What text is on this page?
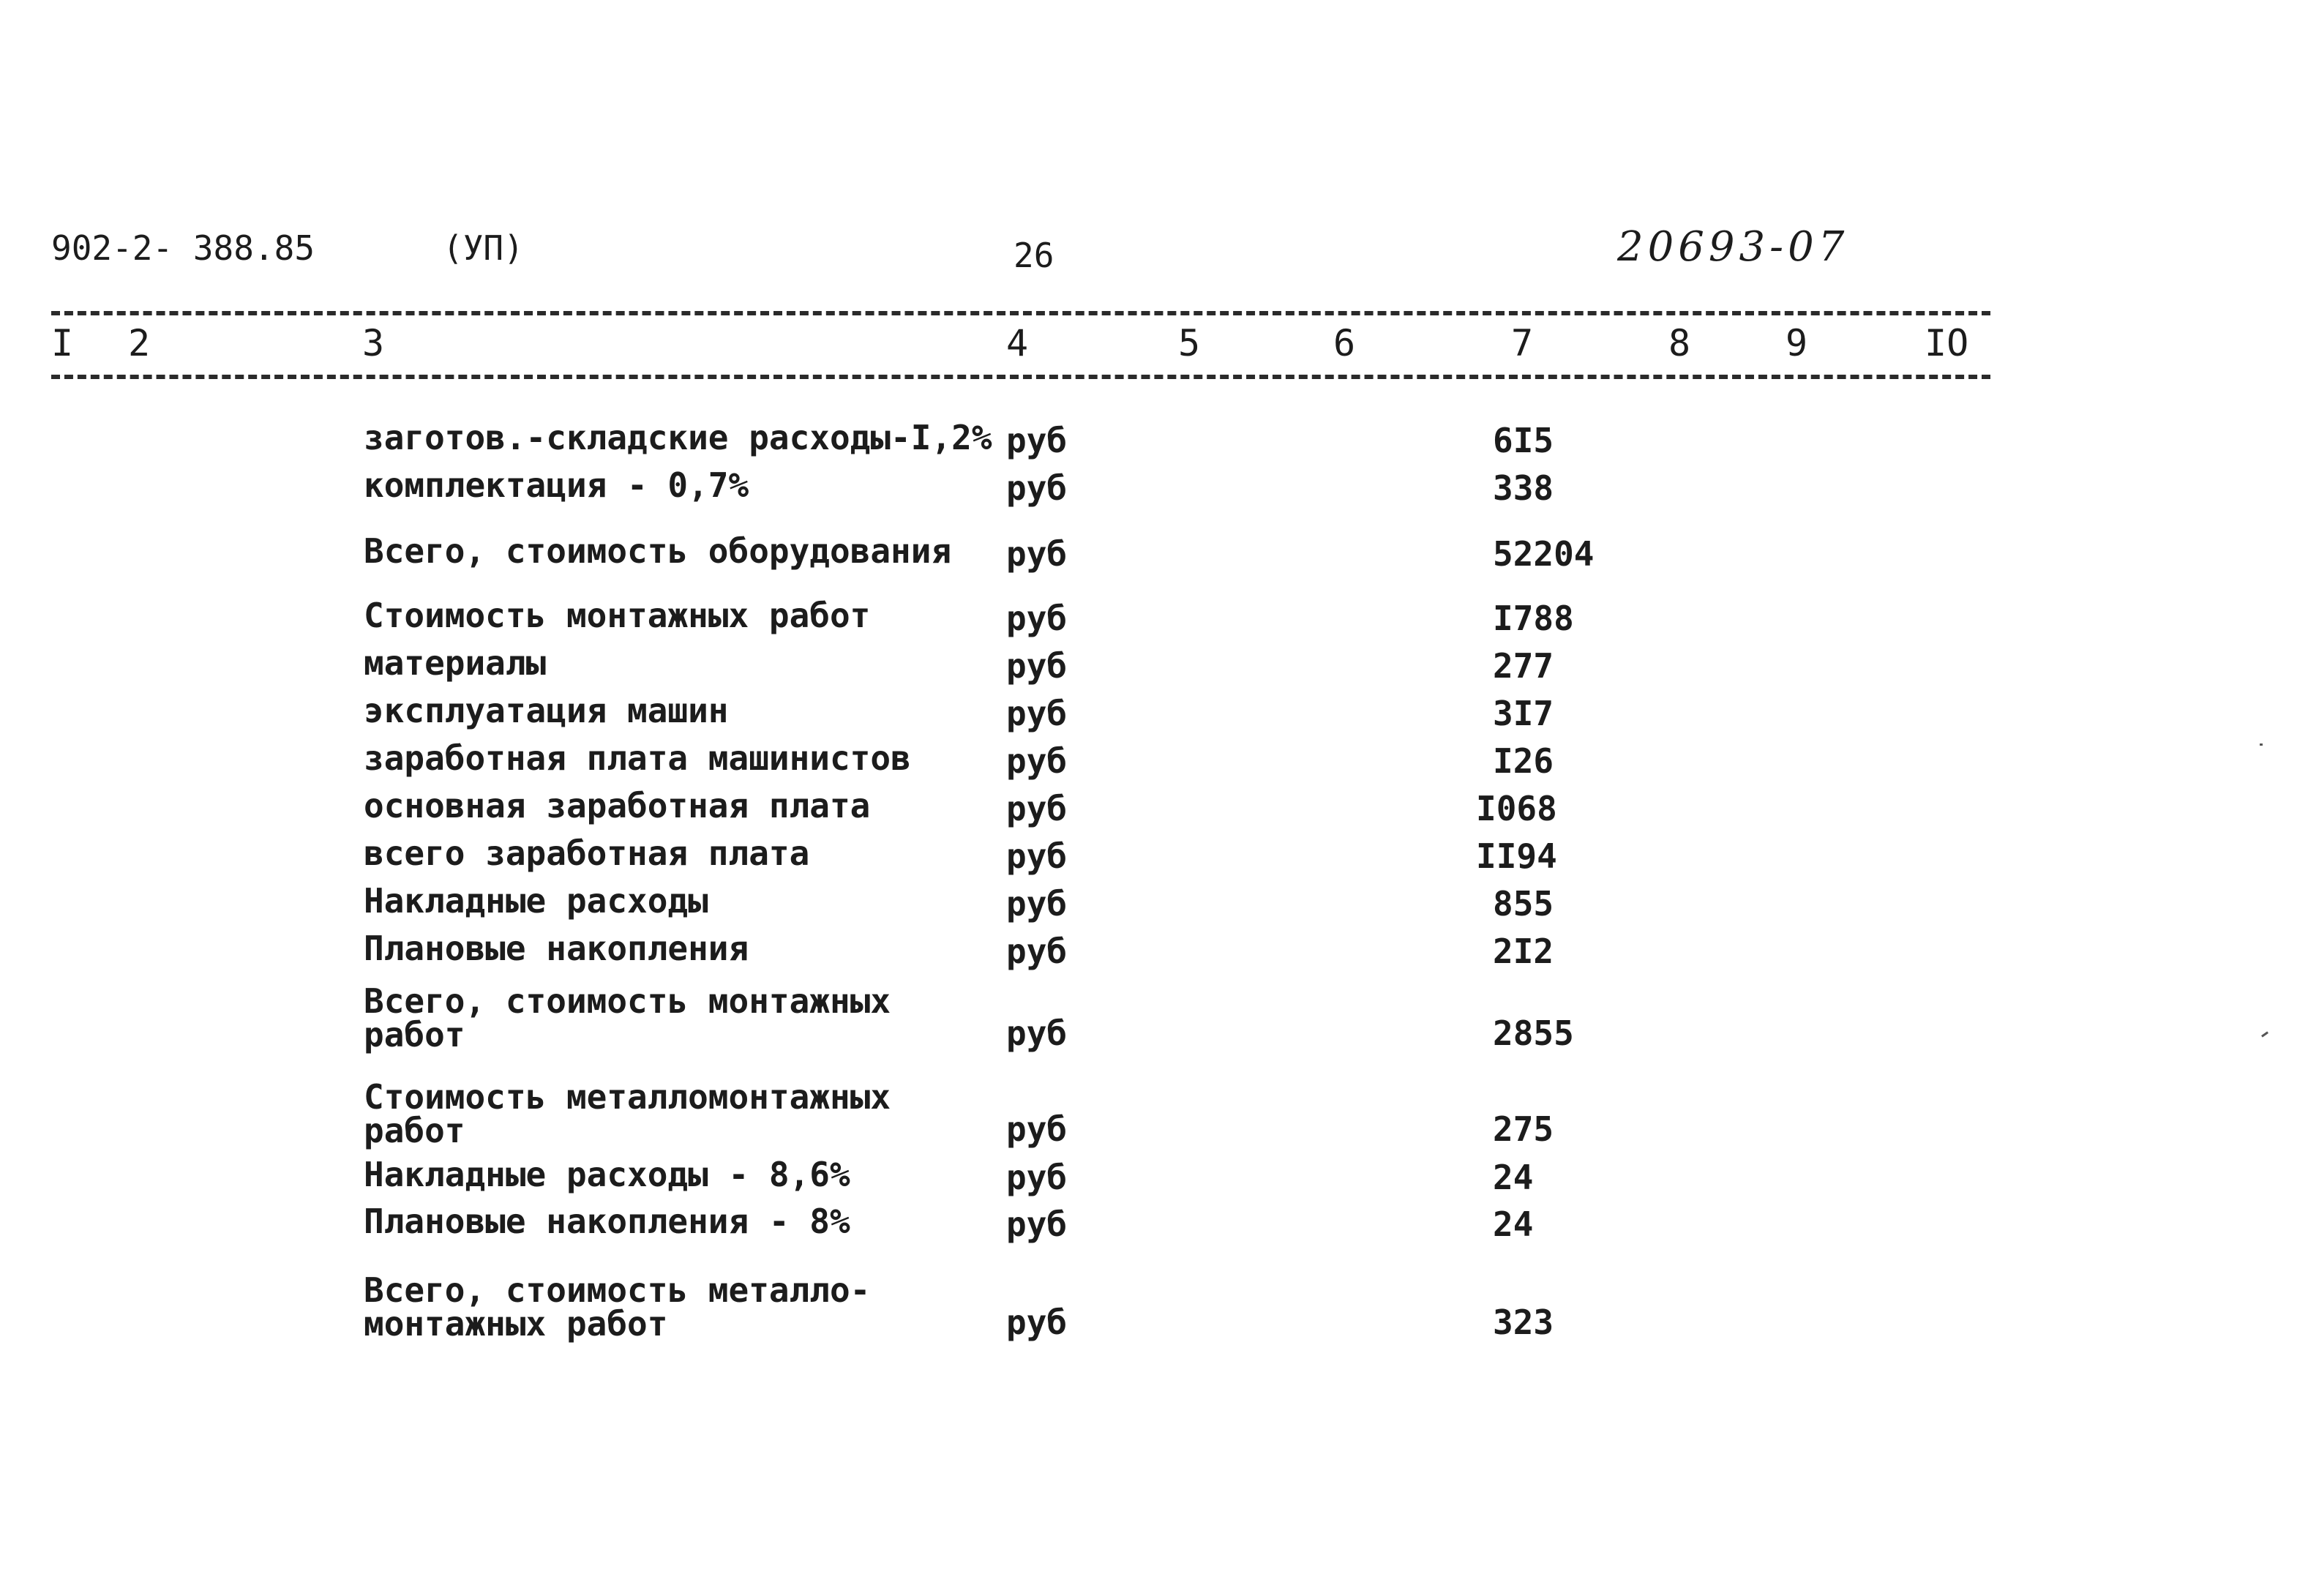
902-2- 388.85	(УП)	26	20693-07
I 2	3	4	5	6	7	8	9	IO
заготов.-складские расходы-I,2% руб	6I5
комплектация - 0,7%	руб	338
Всего, стоимость оборудования руб	52204
Стоимость монтажных работ	руб	I788
материалы	руб	277
эксплуатация машин	руб	3I7
заработная плата машинистов	руб	I26
основная заработная плата	руб	I068
всего заработная плата	руб	II94
Накладные расходы	руб	855
Плановые накопления	руб	2I2
Всего, стоимость монтажных
работ	руб	2855
Стоимость металломонтажных
работ	руб	275
Накладные расходы - 8,6%	руб	24
Плановые накопления - 8%	руб	24
Всего, стоимость металло-
монтажных работ	руб	323
